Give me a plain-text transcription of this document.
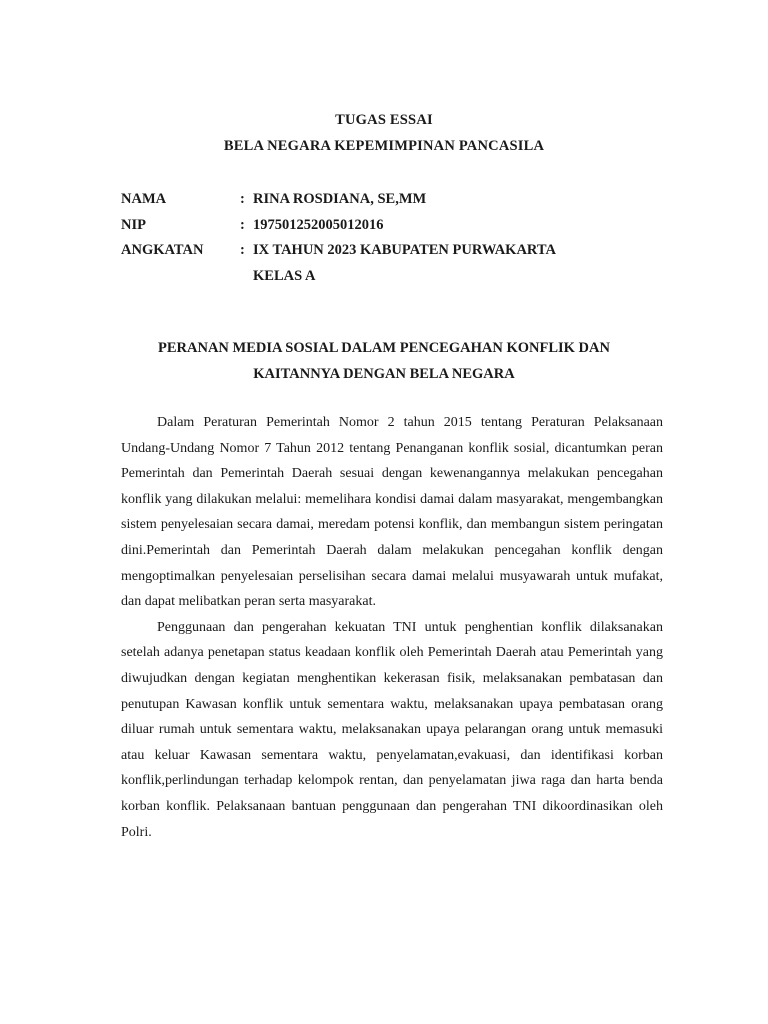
TUGAS ESSAI
BELA NEGARA KEPEMIMPINAN PANCASILA
NAMA	: RINA ROSDIANA, SE,MM
NIP	: 197501252005012016
ANGKATAN	: IX TAHUN 2023 KABUPATEN PURWAKARTA
KELAS A
PERANAN MEDIA SOSIAL DALAM PENCEGAHAN KONFLIK DAN
KAITANNYA DENGAN BELA NEGARA

Dalam Peraturan Pemerintah Nomor 2 tahun 2015 tentang Peraturan Pelaksanaan Undang-Undang Nomor 7 Tahun 2012 tentang Penanganan konflik sosial, dicantumkan peran Pemerintah dan Pemerintah Daerah sesuai dengan kewenangannya melakukan pencegahan konflik yang dilakukan melalui: memelihara kondisi damai dalam masyarakat, mengembangkan sistem penyelesaian secara damai, meredam potensi konflik, dan membangun sistem peringatan dini.Pemerintah dan Pemerintah Daerah dalam melakukan pencegahan konflik dengan mengoptimalkan penyelesaian perselisihan secara damai melalui musyawarah untuk mufakat, dan dapat melibatkan peran serta masyarakat.

Penggunaan dan pengerahan kekuatan TNI untuk penghentian konflik dilaksanakan setelah adanya penetapan status keadaan konflik oleh Pemerintah Daerah atau Pemerintah yang diwujudkan dengan kegiatan menghentikan kekerasan fisik, melaksanakan pembatasan dan penutupan Kawasan konflik untuk sementara waktu, melaksanakan upaya pembatasan orang diluar rumah untuk sementara waktu, melaksanakan upaya pelarangan orang untuk memasuki atau keluar Kawasan sementara waktu, penyelamatan,evakuasi, dan identifikasi korban konflik,perlindungan terhadap kelompok rentan, dan penyelamatan jiwa raga dan harta benda korban konflik. Pelaksanaan bantuan penggunaan dan pengerahan TNI dikoordinasikan oleh Polri.
